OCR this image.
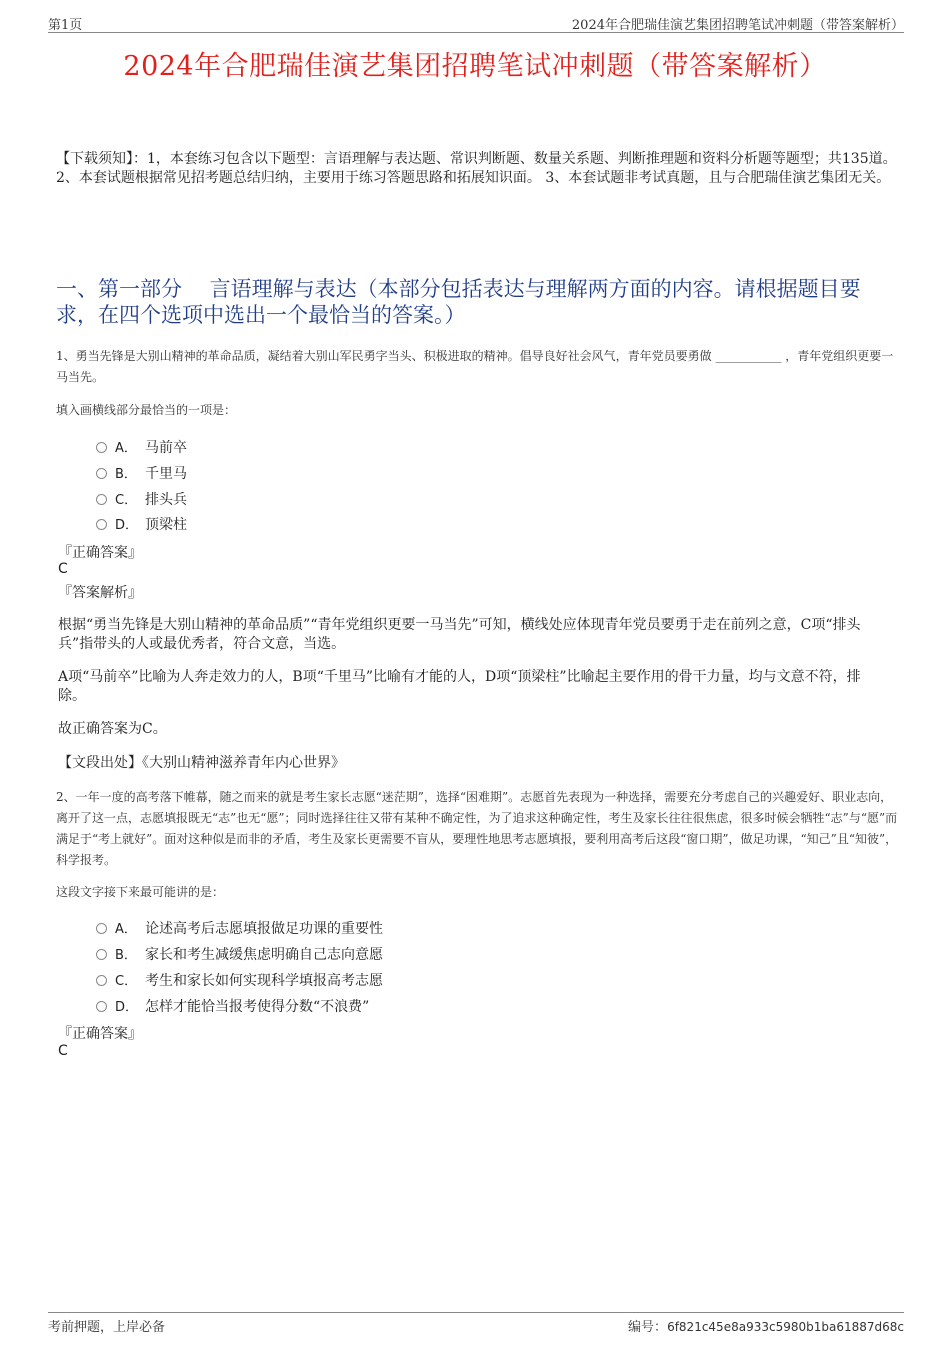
第1页	2024年合肥瑞佳演艺集团招聘笔试冲刺题（带答案解析）
2024年合肥瑞佳演艺集团招聘笔试冲刺题（带答案解析）
【下载须知】：1，本套练习包含以下题型：言语理解与表达题、常识判断题、数量关系题、判断推理题和资料分析题等题型；共135道。 2、本套试题根据常见招考题总结归纳，主要用于练习答题思路和拓展知识面。 3、本套试题非考试真题，且与合肥瑞佳演艺集团无关。
一、第一部分　 言语理解与表达（本部分包括表达与理解两方面的内容。请根据题目要求，在四个选项中选出一个最恰当的答案。）
1、勇当先锋是大别山精神的革命品质，凝结着大别山军民勇字当头、积极进取的精神。倡导良好社会风气，青年党员要勇做 ___________ ，青年党组织更要一马当先。
填入画横线部分最恰当的一项是：
A． 马前卒
B． 千里马
C． 排头兵
D． 顶梁柱
『正确答案』
C
『答案解析』
根据“勇当先锋是大别山精神的革命品质”“青年党组织更要一马当先”可知，横线处应体现青年党员要勇于走在前列之意，C项“排头兵”指带头的人或最优秀者，符合文意，当选。
A项“马前卒”比喻为人奔走效力的人，B项“千里马”比喻有才能的人，D项“顶梁柱”比喻起主要作用的骨干力量，均与文意不符，排除。
故正确答案为C。
【文段出处】《大别山精神滋养青年内心世界》
2、一年一度的高考落下帷幕，随之而来的就是考生家长志愿“迷茫期”，选择“困难期”。志愿首先表现为一种选择，需要充分考虑自己的兴趣爱好、职业志向，离开了这一点，志愿填报既无“志”也无“愿”；同时选择往往又带有某种不确定性，为了追求这种确定性，考生及家长往往很焦虑，很多时候会牺牲“志”与“愿”而满足于“考上就好”。面对这种似是而非的矛盾，考生及家长更需要不盲从，要理性地思考志愿填报，要利用高考后这段“窗口期”，做足功课，“知己”且“知彼”，科学报考。
这段文字接下来最可能讲的是：
A． 论述高考后志愿填报做足功课的重要性
B． 家长和考生减缓焦虑明确自己志向意愿
C． 考生和家长如何实现科学填报高考志愿
D． 怎样才能恰当报考使得分数“不浪费”
『正确答案』
C
考前押题，上岸必备	编号：6f821c45e8a933c5980b1ba61887d68c
